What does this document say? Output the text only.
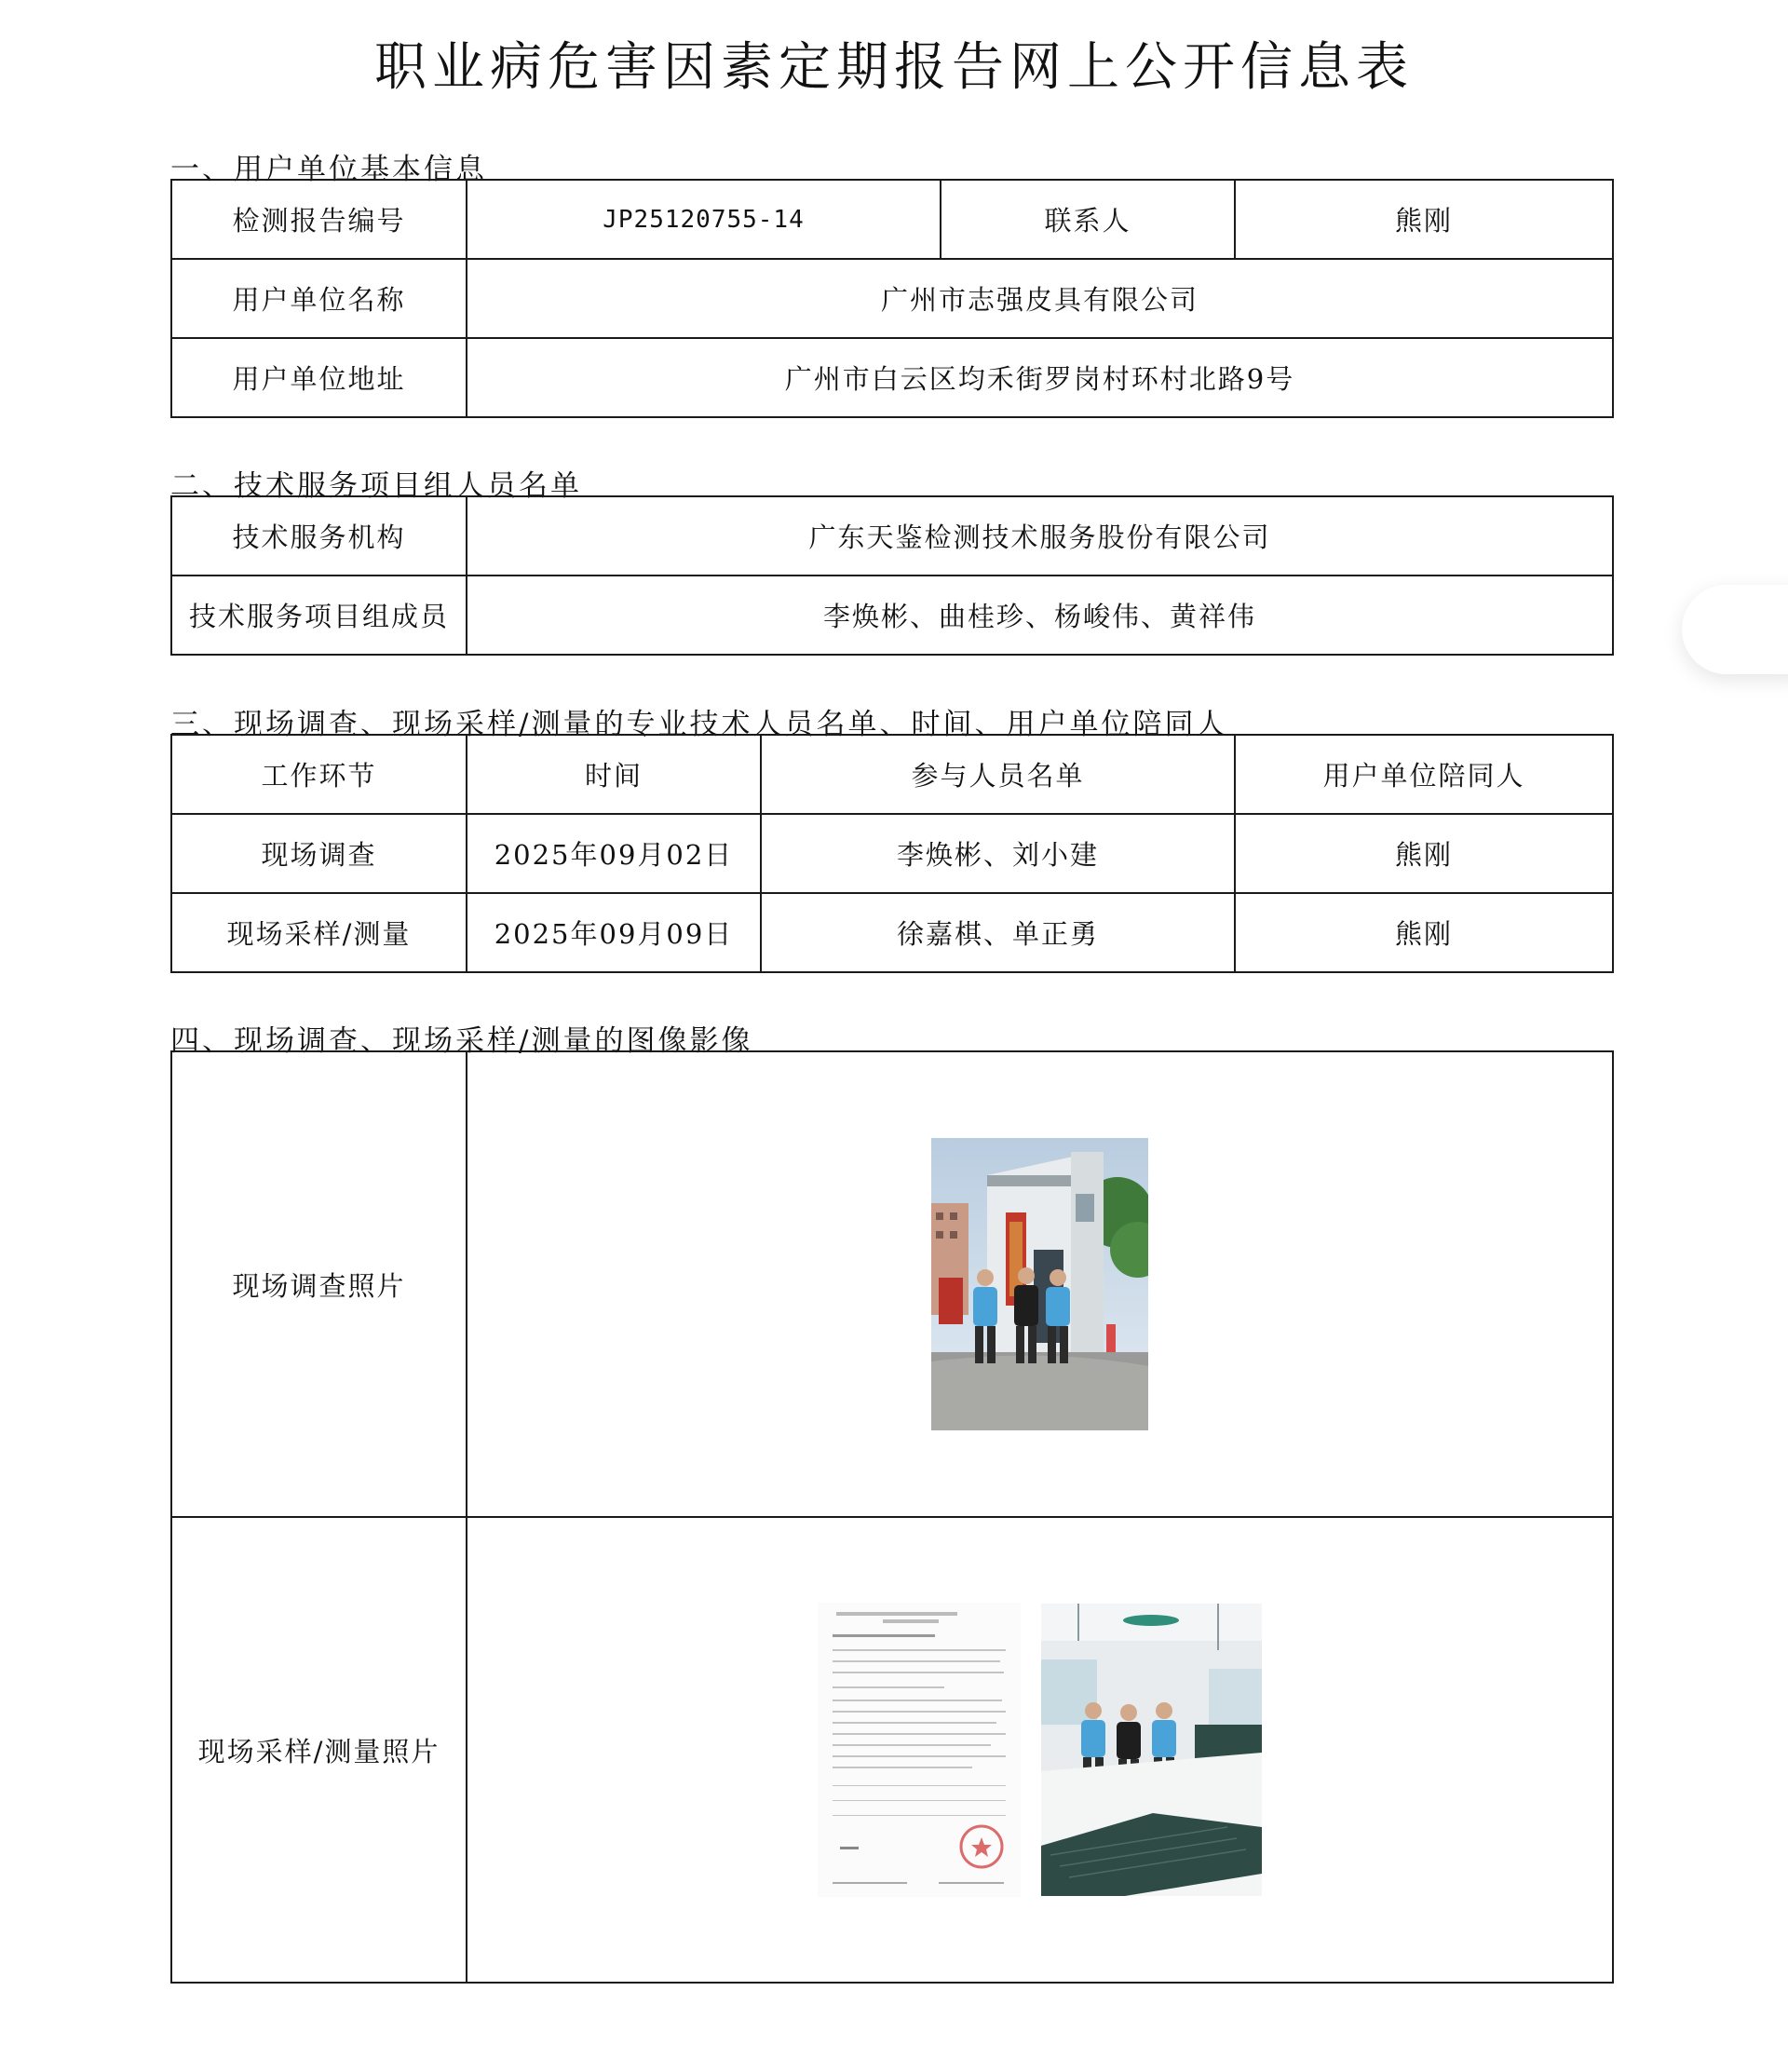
职业病危害因素定期报告网上公开信息表
一、用户单位基本信息
检测报告编号	JP25120755-14	联系人	熊刚
用户单位名称	广州市志强皮具有限公司		
用户单位地址	广州市白云区均禾街罗岗村环村北路9号		
二、技术服务项目组人员名单
技术服务机构	广东天鉴检测技术服务股份有限公司
技术服务项目组成员	李焕彬、曲桂珍、杨峻伟、黄祥伟
三、现场调查、现场采样/测量的专业技术人员名单、时间、用户单位陪同人
工作环节	时间	参与人员名单	用户单位陪同人
现场调查	2025年09月02日	李焕彬、刘小建	熊刚
现场采样/测量	2025年09月09日	徐嘉棋、单正勇	熊刚
四、现场调查、现场采样/测量的图像影像
现场调查照片	

现场采样/测量照片	
